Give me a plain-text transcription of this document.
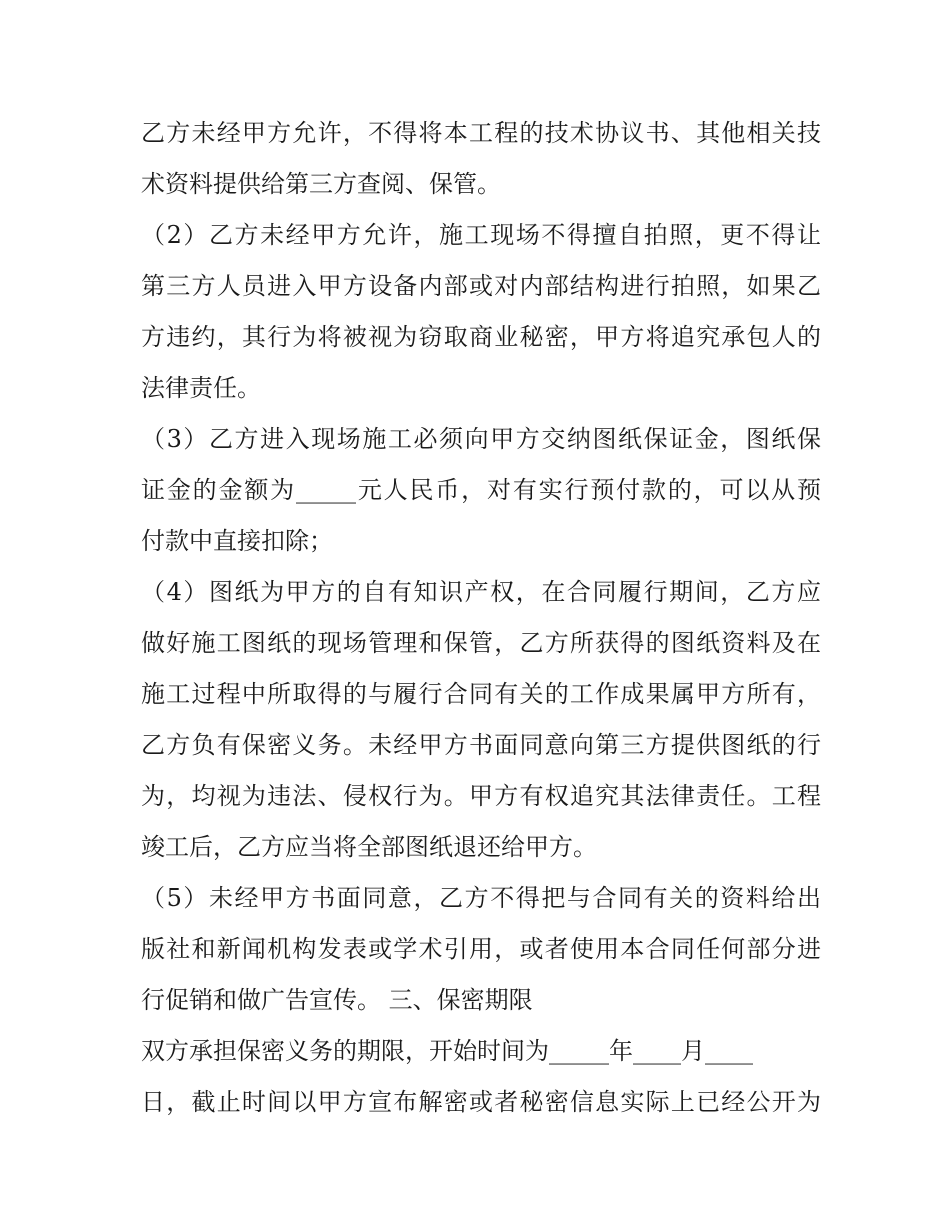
乙方未经甲方允许，不得将本工程的技术协议书、其他相关技
术资料提供给第三方查阅、保管。
（2）乙方未经甲方允许，施工现场不得擅自拍照，更不得让
第三方人员进入甲方设备内部或对内部结构进行拍照，如果乙
方违约，其行为将被视为窃取商业秘密，甲方将追究承包人的
法律责任。
（3）乙方进入现场施工必须向甲方交纳图纸保证金，图纸保
证金的金额为_____元人民币，对有实行预付款的，可以从预
付款中直接扣除；
（4）图纸为甲方的自有知识产权，在合同履行期间，乙方应
做好施工图纸的现场管理和保管，乙方所获得的图纸资料及在
施工过程中所取得的与履行合同有关的工作成果属甲方所有，
乙方负有保密义务。未经甲方书面同意向第三方提供图纸的行
为，均视为违法、侵权行为。甲方有权追究其法律责任。工程
竣工后，乙方应当将全部图纸退还给甲方。
（5）未经甲方书面同意，乙方不得把与合同有关的资料给出
版社和新闻机构发表或学术引用，或者使用本合同任何部分进
行促销和做广告宣传。 三、保密期限
双方承担保密义务的期限，开始时间为_____年____月____
日，截止时间以甲方宣布解密或者秘密信息实际上已经公开为
